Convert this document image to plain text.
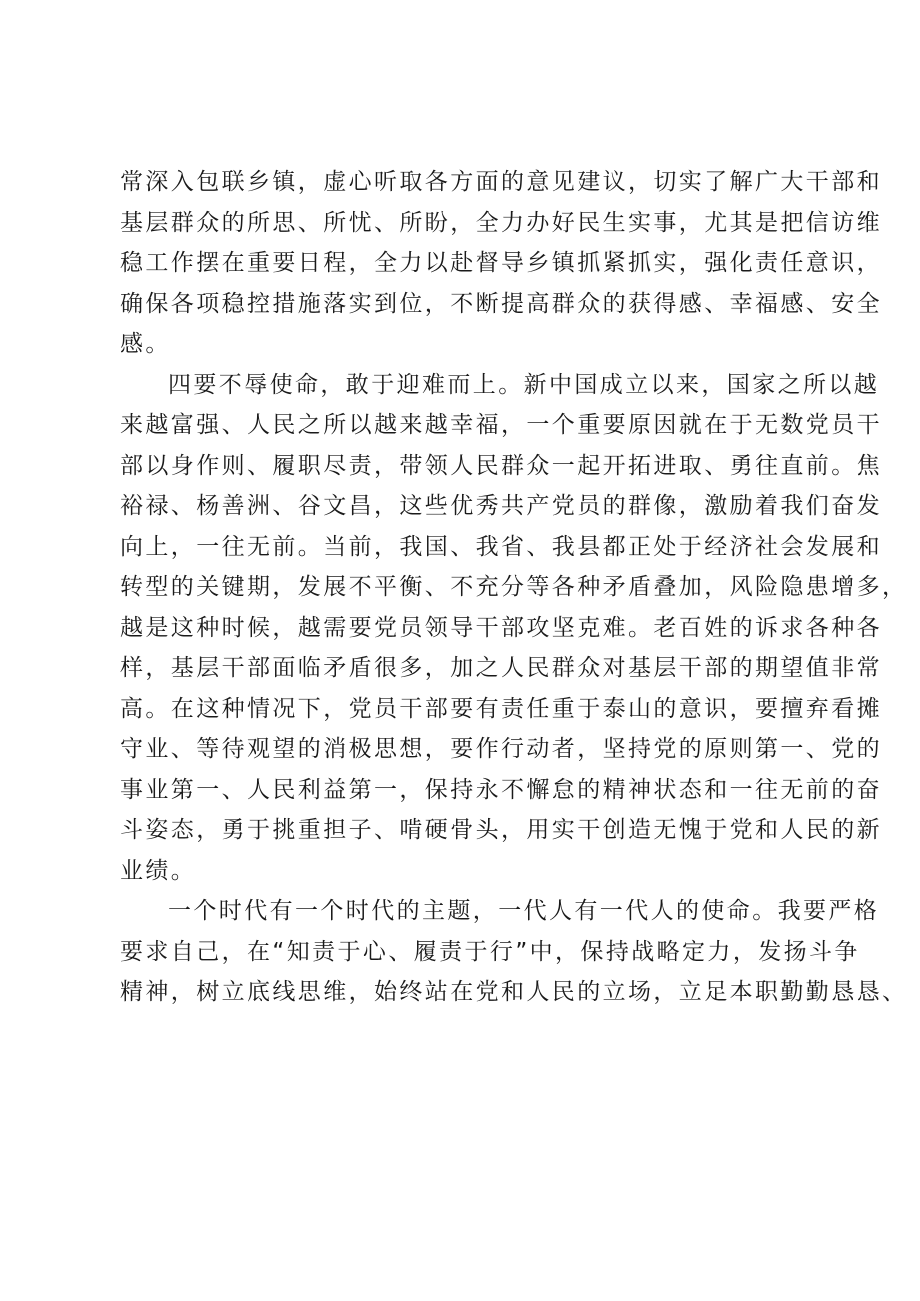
常深入包联乡镇，虚心听取各方面的意见建议，切实了解广大干部和
基层群众的所思、所忧、所盼，全力办好民生实事，尤其是把信访维
稳工作摆在重要日程，全力以赴督导乡镇抓紧抓实，强化责任意识，
确保各项稳控措施落实到位，不断提高群众的获得感、幸福感、安全
感。
四要不辱使命，敢于迎难而上。新中国成立以来，国家之所以越
来越富强、人民之所以越来越幸福，一个重要原因就在于无数党员干
部以身作则、履职尽责，带领人民群众一起开拓进取、勇往直前。焦
裕禄、杨善洲、谷文昌，这些优秀共产党员的群像，激励着我们奋发
向上，一往无前。当前，我国、我省、我县都正处于经济社会发展和
转型的关键期，发展不平衡、不充分等各种矛盾叠加，风险隐患增多，
越是这种时候，越需要党员领导干部攻坚克难。老百姓的诉求各种各
样，基层干部面临矛盾很多，加之人民群众对基层干部的期望值非常
高。在这种情况下，党员干部要有责任重于泰山的意识，要擅弃看摊
守业、等待观望的消极思想，要作行动者，坚持党的原则第一、党的
事业第一、人民利益第一，保持永不懈怠的精神状态和一往无前的奋
斗姿态，勇于挑重担子、啃硬骨头，用实干创造无愧于党和人民的新
业绩。
一个时代有一个时代的主题，一代人有一代人的使命。我要严格
要求自己，在“知责于心、履责于行”中，保持战略定力，发扬斗争
精神，树立底线思维，始终站在党和人民的立场，立足本职勤勤恳恳、
